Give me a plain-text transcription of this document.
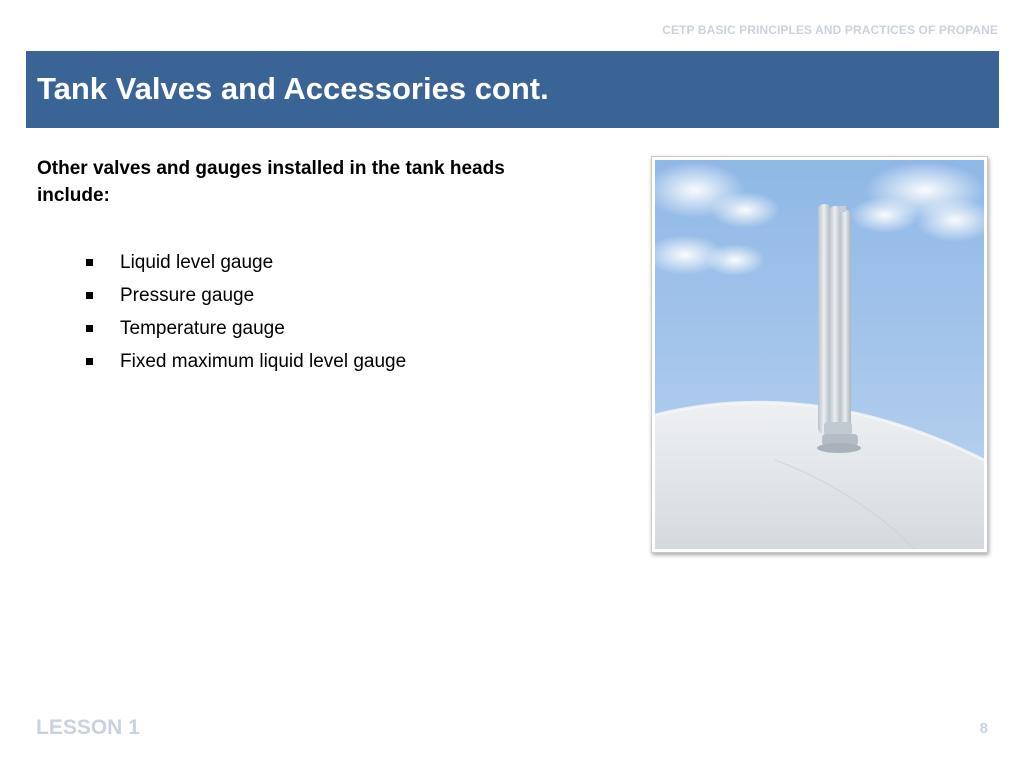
CETP BASIC PRINCIPLES AND PRACTICES OF PROPANE
Tank Valves and Accessories cont.
Other valves and gauges installed in the tank heads include:
Liquid level gauge
Pressure gauge
Temperature gauge
Fixed maximum liquid level gauge
LESSON 1	8
